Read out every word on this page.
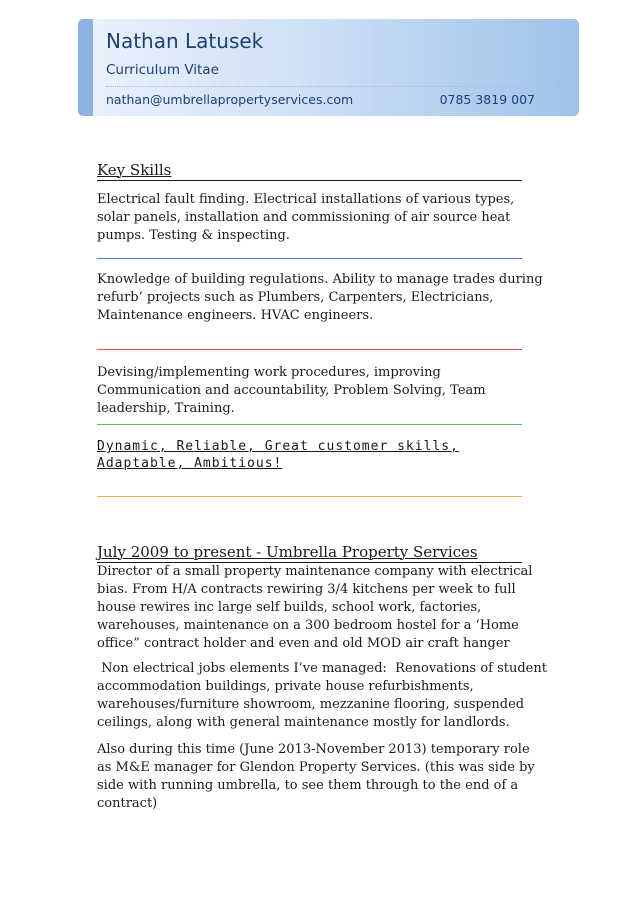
Nathan Latusek
Curriculum Vitae
nathan@umbrellapropertyservices.com	0785 3819 007
Key Skills

Electrical fault finding. Electrical installations of various types, solar panels, installation and commissioning of air source heat pumps. Testing & inspecting.

Knowledge of building regulations. Ability to manage trades during refurb’ projects such as Plumbers, Carpenters, Electricians, Maintenance engineers. HVAC engineers.

Devising/implementing work procedures, improving Communication and accountability, Problem Solving, Team leadership, Training.

Dynamic, Reliable, Great customer skills, Adaptable, Ambitious!

July 2009 to present - Umbrella Property Services

Director of a small property maintenance company with electrical bias. From H/A contracts rewiring 3/4 kitchens per week to full house rewires inc large self builds, school work, factories, warehouses, maintenance on a 300 bedroom hostel for a ‘Home office” contract holder and even and old MOD air craft hanger

Non electrical jobs elements I’ve managed:  Renovations of student accommodation buildings, private house refurbishments, warehouses/furniture showroom, mezzanine flooring, suspended ceilings, along with general maintenance mostly for landlords.

Also during this time (June 2013-November 2013) temporary role as M&E manager for Glendon Property Services. (this was side by side with running umbrella, to see them through to the end of a contract)
